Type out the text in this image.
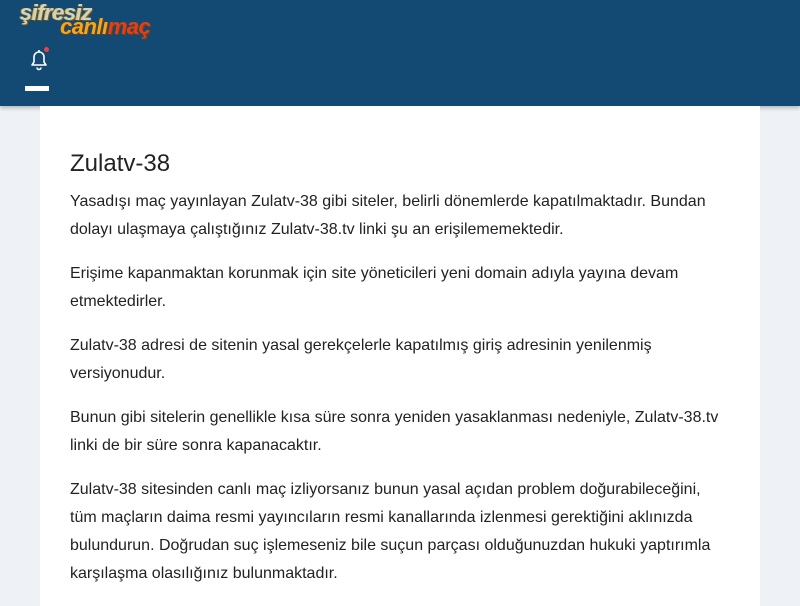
şifresiz
canlımaç
Zulatv-38

Yasadışı maç yayınlayan Zulatv-38 gibi siteler, belirli dönemlerde kapatılmaktadır. Bundan dolayı ulaşmaya çalıştığınız Zulatv-38.tv linki şu an erişilememektedir.

Erişime kapanmaktan korunmak için site yöneticileri yeni domain adıyla yayına devam etmektedirler.

Zulatv-38 adresi de sitenin yasal gerekçelerle kapatılmış giriş adresinin yenilenmiş versiyonudur.

Bunun gibi sitelerin genellikle kısa süre sonra yeniden yasaklanması nedeniyle, Zulatv-38.tv linki de bir süre sonra kapanacaktır.

Zulatv-38 sitesinden canlı maç izliyorsanız bunun yasal açıdan problem doğurabileceğini, tüm maçların daima resmi yayıncıların resmi kanallarında izlenmesi gerektiğini aklınızda bulundurun. Doğrudan suç işlemeseniz bile suçun parçası olduğunuzdan hukuki yaptırımla karşılaşma olasılığınız bulunmaktadır.
